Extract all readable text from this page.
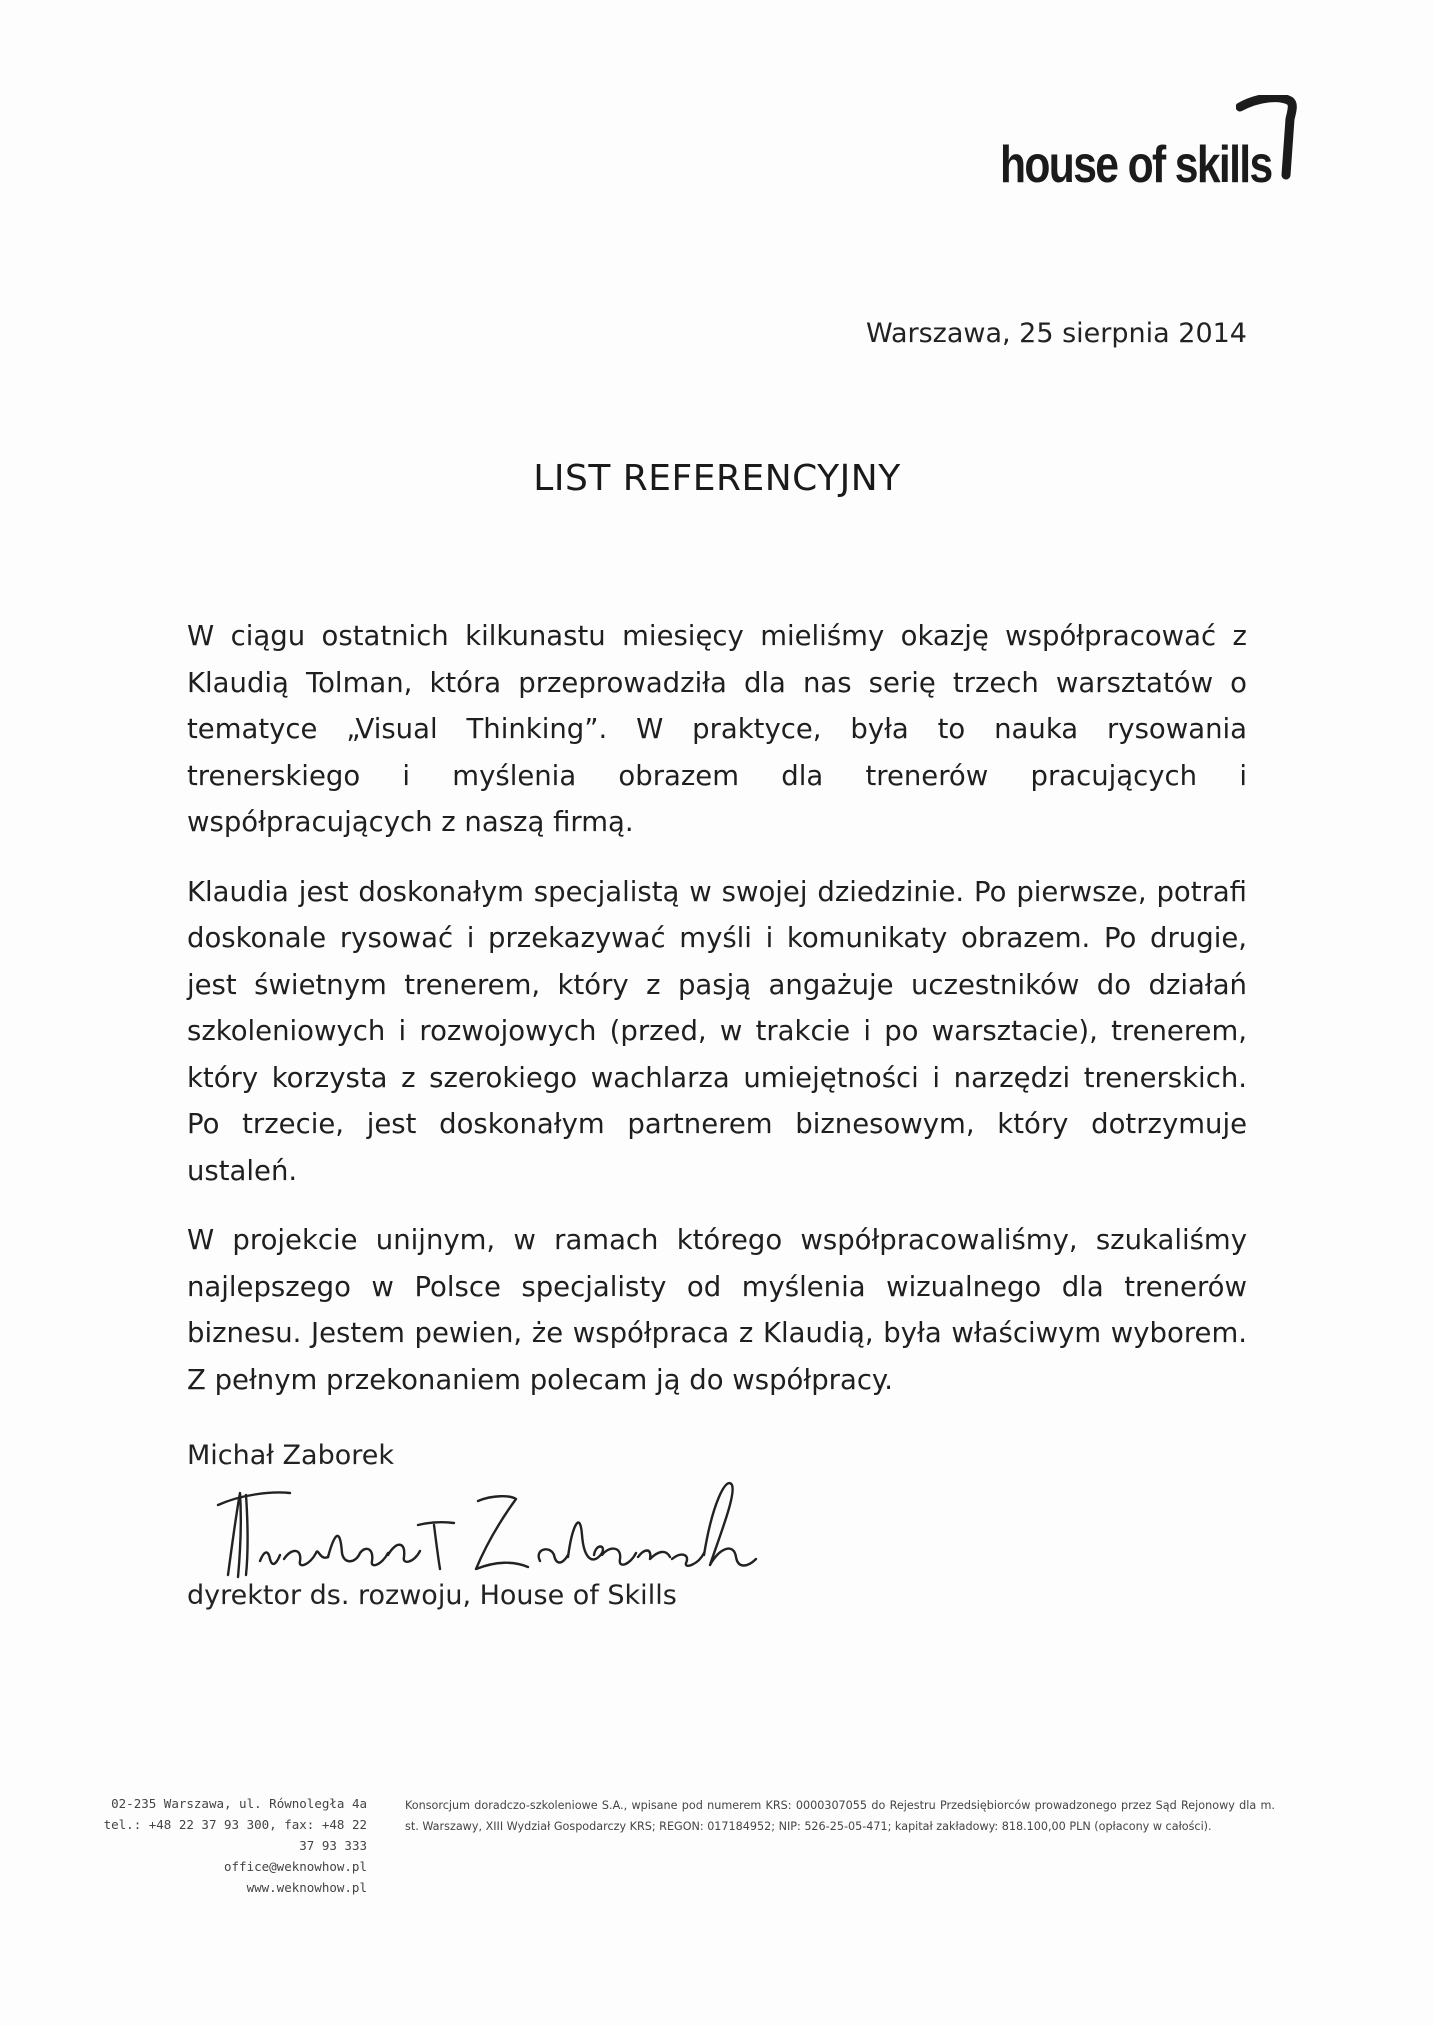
house of skills
Warszawa, 25 sierpnia 2014
LIST REFERENCYJNY

W ciągu ostatnich kilkunastu miesięcy mieliśmy okazję współpracować z Klaudią Tolman, która przeprowadziła dla nas serię trzech warsztatów o tematyce „Visual Thinking”. W praktyce, była to nauka rysowania trenerskiego i myślenia obrazem dla trenerów pracujących i współpracujących z naszą firmą.

Klaudia jest doskonałym specjalistą w swojej dziedzinie. Po pierwsze, potrafi doskonale rysować i przekazywać myśli i komunikaty obrazem. Po drugie, jest świetnym trenerem, który z pasją angażuje uczestników do działań szkoleniowych i rozwojowych (przed, w trakcie i po warsztacie), trenerem, który korzysta z szerokiego wachlarza umiejętności i narzędzi trenerskich. Po trzecie, jest doskonałym partnerem biznesowym, który dotrzymuje ustaleń.

W projekcie unijnym, w ramach którego współpracowaliśmy, szukaliśmy najlepszego w Polsce specjalisty od myślenia wizualnego dla trenerów biznesu. Jestem pewien, że współpraca z Klaudią, była właściwym wyborem. Z pełnym przekonaniem polecam ją do współpracy.

Michał Zaborek
dyrektor ds. rozwoju, House of Skills
02-235 Warszawa, ul. Równoległa 4a
tel.: +48 22 37 93 300, fax: +48 22 37 93 333
office@weknowhow.pl
www.weknowhow.pl
Konsorcjum doradczo-szkoleniowe S.A., wpisane pod numerem KRS: 0000307055 do Rejestru Przedsiębiorców prowadzonego przez Sąd Rejonowy dla m. st. Warszawy, XIII Wydział Gospodarczy KRS; REGON: 017184952; NIP: 526-25-05-471; kapitał zakładowy: 818.100,00 PLN (opłacony w całości).
